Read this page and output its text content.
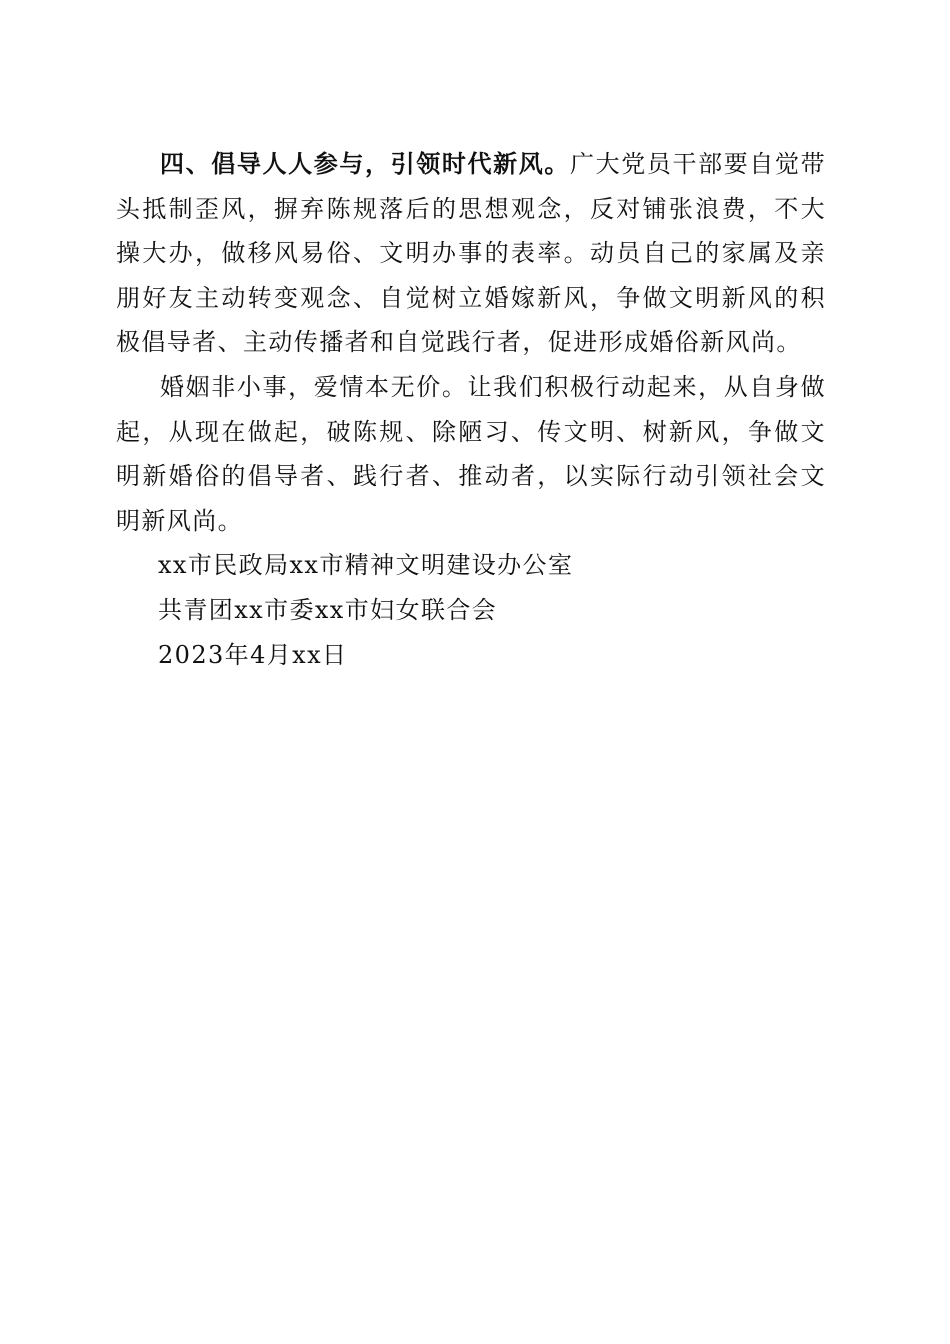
四、倡导人人参与，引领时代新风。广大党员干部要自觉带头抵制歪风，摒弃陈规落后的思想观念，反对铺张浪费，不大操大办，做移风易俗、文明办事的表率。动员自己的家属及亲朋好友主动转变观念、自觉树立婚嫁新风，争做文明新风的积极倡导者、主动传播者和自觉践行者，促进形成婚俗新风尚。

婚姻非小事，爱情本无价。让我们积极行动起来，从自身做起，从现在做起，破陈规、除陋习、传文明、树新风，争做文明新婚俗的倡导者、践行者、推动者，以实际行动引领社会文明新风尚。

xx市民政局xx市精神文明建设办公室

共青团xx市委xx市妇女联合会

2023年4月xx日
